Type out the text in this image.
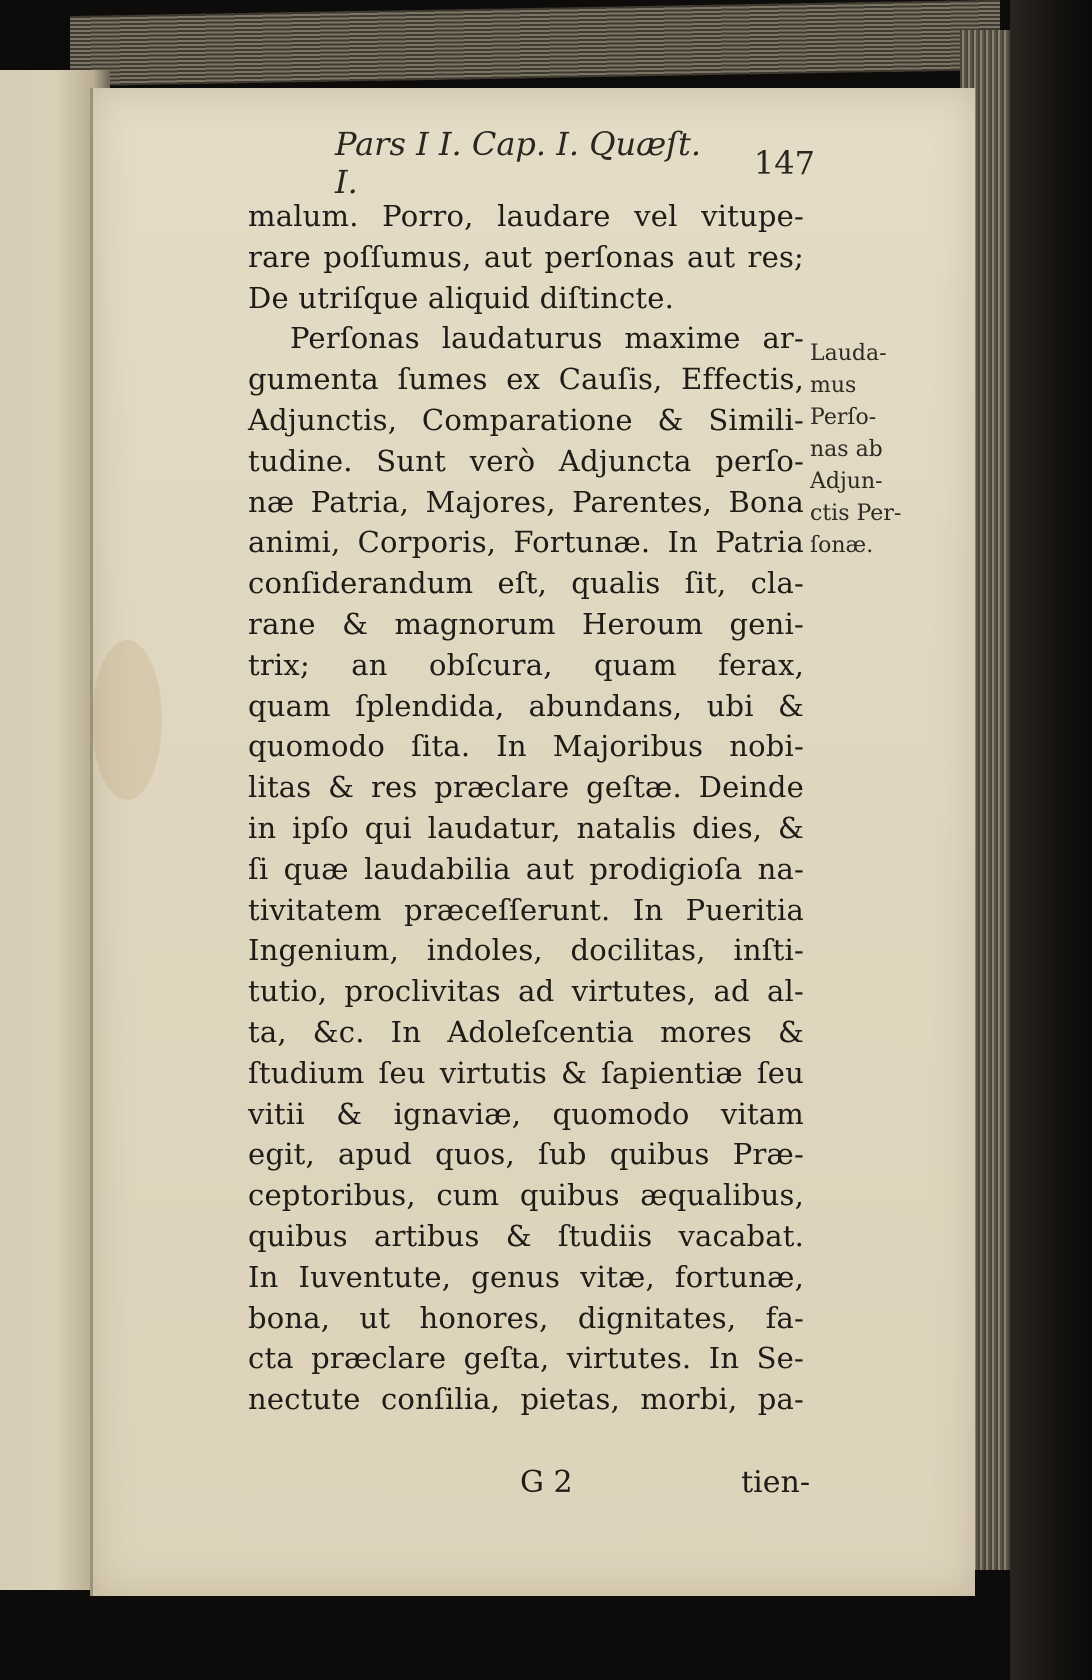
Pars I I. Cap. I. Quæſt. I.	147
malum. Porro, laudare vel vitupe-
rare poſſumus, aut perſonas aut res;
De utriſque aliquid diſtincte.
Perſonas laudaturus maxime ar-
gumenta ſumes ex Cauſis, Effectis,
Adjunctis, Comparatione & Simili-
tudine. Sunt verò Adjuncta perſo-
næ Patria, Majores, Parentes, Bona
animi, Corporis, Fortunæ. In Patria
conſiderandum eſt, qualis ſit, cla-
rane & magnorum Heroum geni-
trix; an obſcura, quam ferax,
quam ſplendida, abundans, ubi &
quomodo ſita. In Majoribus nobi-
litas & res præclare geſtæ. Deinde
in ipſo qui laudatur, natalis dies, &
ſi quæ laudabilia aut prodigioſa na-
tivitatem præceſſerunt. In Pueritia
Ingenium, indoles, docilitas, inſti-
tutio, proclivitas ad virtutes, ad al-
ta, &c. In Adoleſcentia mores &
ſtudium ſeu virtutis & ſapientiæ ſeu
vitii & ignaviæ, quomodo vitam
egit, apud quos, ſub quibus Præ-
ceptoribus, cum quibus æqualibus,
quibus artibus & ſtudiis vacabat.
In Iuventute, genus vitæ, fortunæ,
bona, ut honores, dignitates, fa-
cta præclare geſta, virtutes. In Se-
nectute conſilia, pietas, morbi, pa-
Lauda-
mus
Perſo-
nas ab
Adjun-
ctis Per-
ſonæ.
G 2	tien-
